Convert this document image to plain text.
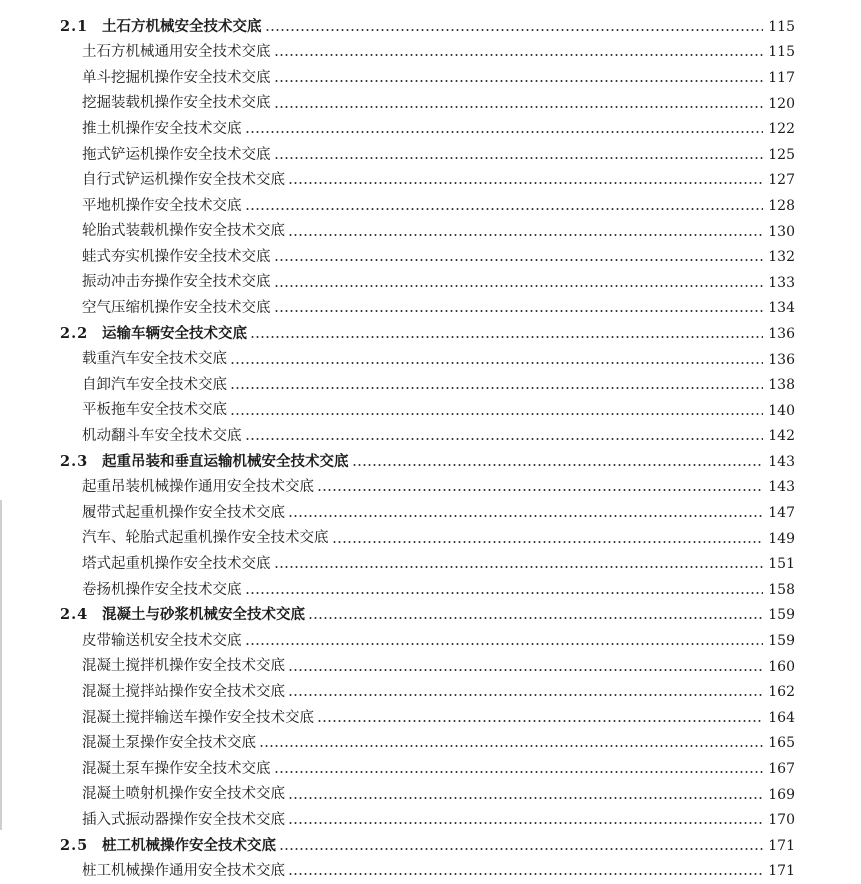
2.1 土石方机械安全技术交底	115
土石方机械通用安全技术交底	115
单斗挖掘机操作安全技术交底	117
挖掘装载机操作安全技术交底	120
推土机操作安全技术交底	122
拖式铲运机操作安全技术交底	125
自行式铲运机操作安全技术交底	127
平地机操作安全技术交底	128
轮胎式装载机操作安全技术交底	130
蛙式夯实机操作安全技术交底	132
振动冲击夯操作安全技术交底	133
空气压缩机操作安全技术交底	134
2.2 运输车辆安全技术交底	136
载重汽车安全技术交底	136
自卸汽车安全技术交底	138
平板拖车安全技术交底	140
机动翻斗车安全技术交底	142
2.3 起重吊装和垂直运输机械安全技术交底	143
起重吊装机械操作通用安全技术交底	143
履带式起重机操作安全技术交底	147
汽车、轮胎式起重机操作安全技术交底	149
塔式起重机操作安全技术交底	151
卷扬机操作安全技术交底	158
2.4 混凝土与砂浆机械安全技术交底	159
皮带输送机安全技术交底	159
混凝土搅拌机操作安全技术交底	160
混凝土搅拌站操作安全技术交底	162
混凝土搅拌输送车操作安全技术交底	164
混凝土泵操作安全技术交底	165
混凝土泵车操作安全技术交底	167
混凝土喷射机操作安全技术交底	169
插入式振动器操作安全技术交底	170
2.5 桩工机械操作安全技术交底	171
桩工机械操作通用安全技术交底	171
